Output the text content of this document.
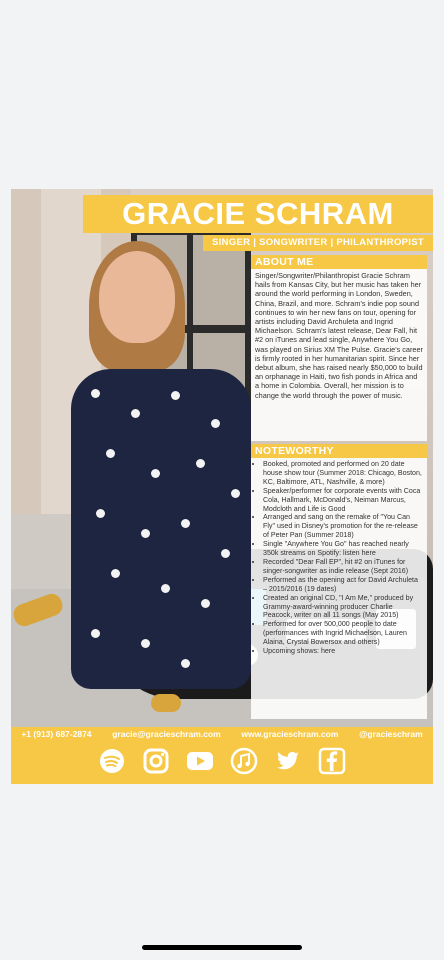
GRACIE SCHRAM
SINGER | SONGWRITER | PHILANTHROPIST
ABOUT ME
Singer/Songwriter/Philanthropist Gracie Schram hails from Kansas City, but her music has taken her around the world performing in London, Sweden, China, Brazil, and more. Schram's indie pop sound continues to win her new fans on tour, opening for artists including David Archuleta and Ingrid Michaelson. Schram's latest release, Dear Fall, hit #2 on iTunes and lead single, Anywhere You Go, was played on Sirius XM The Pulse. Gracie's career is firmly rooted in her humanitarian spirit. Since her debut album, she has raised nearly $50,000 to build an orphanage in Haiti, two fish ponds in Africa and a home in Colombia. Overall, her mission is to change the world through the power of music.
NOTEWORTHY
• Booked, promoted and performed on 20 date house show tour (Summer 2018: Chicago, Boston, KC, Baltimore, ATL, Nashville, & more)
• Speaker/performer for corporate events with Coca Cola, Hallmark, McDonald's, Neiman Marcus, Modcloth and Life is Good
• Arranged and sang on the remake of "You Can Fly" used in Disney's promotion for the re-release of Peter Pan (Summer 2018)
• Single "Anywhere You Go" has reached nearly 350k streams on Spotify: listen here
• Recorded "Dear Fall EP", hit #2 on iTunes for singer-songwriter as indie release (Sept 2016)
• Performed as the opening act for David Archuleta – 2015/2016 (19 dates)
• Created an original CD, "I Am Me," produced by Grammy-award-winning producer Charlie Peacock, writer on all 11 songs (May 2015)
• Performed for over 500,000 people to date (performances with Ingrid Michaelson, Lauren Alaina, Crystal Bowersox and others)
• Upcoming shows: here
+1 (913) 687-2874 gracie@gracieschram.com www.gracieschram.com @gracieschram
